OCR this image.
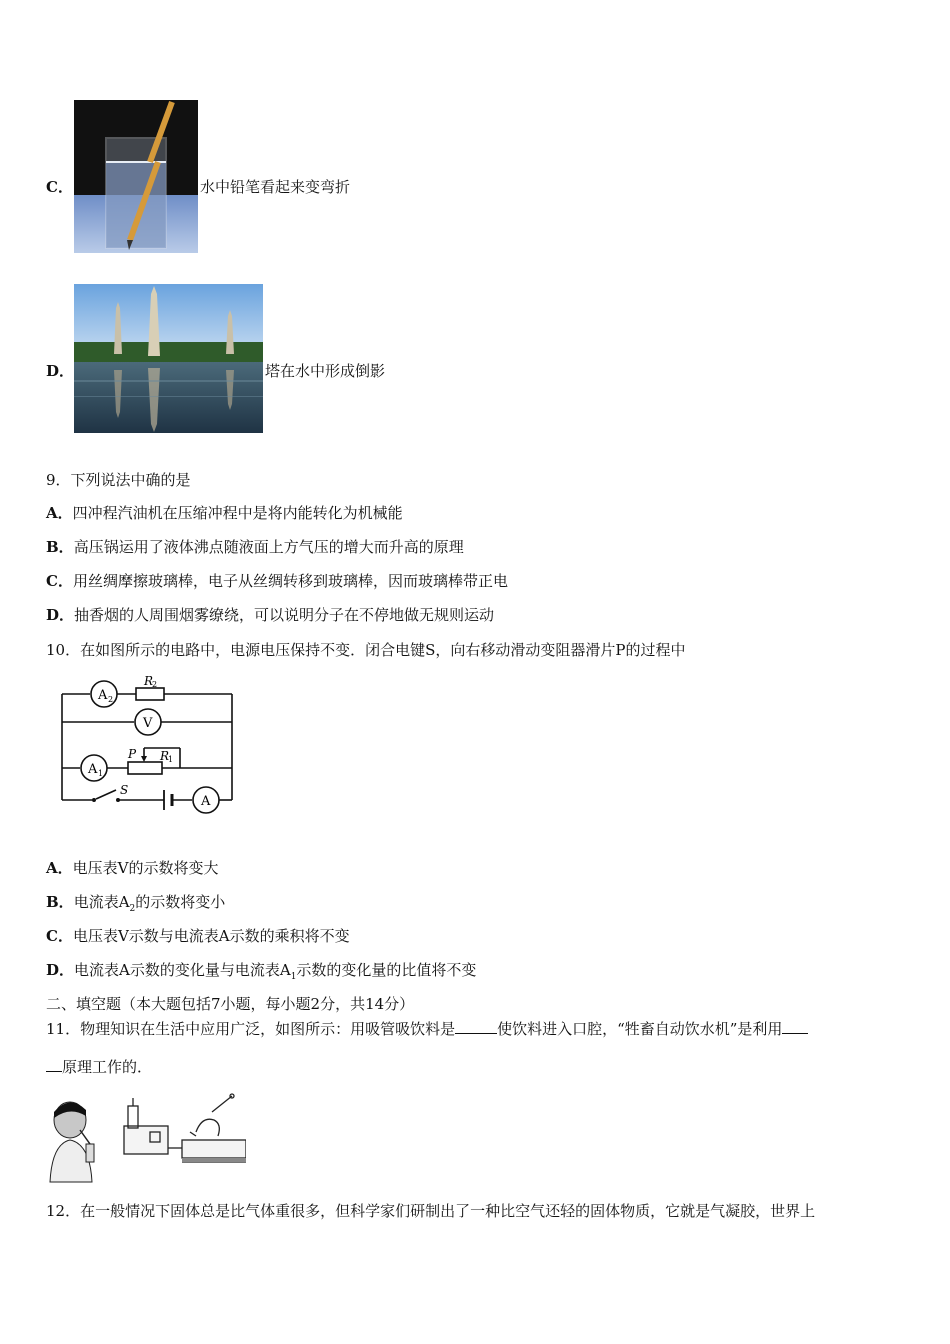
C．	水中铅笔看起来变弯折
D．	塔在水中形成倒影
9．下列说法中确的是
A．四冲程汽油机在压缩冲程中是将内能转化为机械能
B．高压锅运用了液体沸点随液面上方气压的增大而升高的原理
C．用丝绸摩擦玻璃棒，电子从丝绸转移到玻璃棒，因而玻璃棒带正电
D．抽香烟的人周围烟雾缭绕，可以说明分子在不停地做无规则运动
10．在如图所示的电路中，电源电压保持不变．闭合电键S，向右移动滑动变阻器滑片P的过程中
A 2
R
2
V
A 1
P R
1
S
A
A．电压表V的示数将变大
B．电流表$A_2$的示数将变小
C．电压表V示数与电流表A示数的乘积将不变
D．电流表A示数的变化量与电流表$A_1$示数的变化量的比值将不变
二、填空题（本大题包括7小题，每小题2分，共14分）
11．物理知识在生活中应用广泛，如图所示：用吸管吸饮料是	使饮料进入口腔，“牲畜自动饮水机”是利用
原理工作的．
12．在一般情况下固体总是比气体重很多，但科学家们研制出了一种比空气还轻的固体物质，它就是气凝胶，世界上
